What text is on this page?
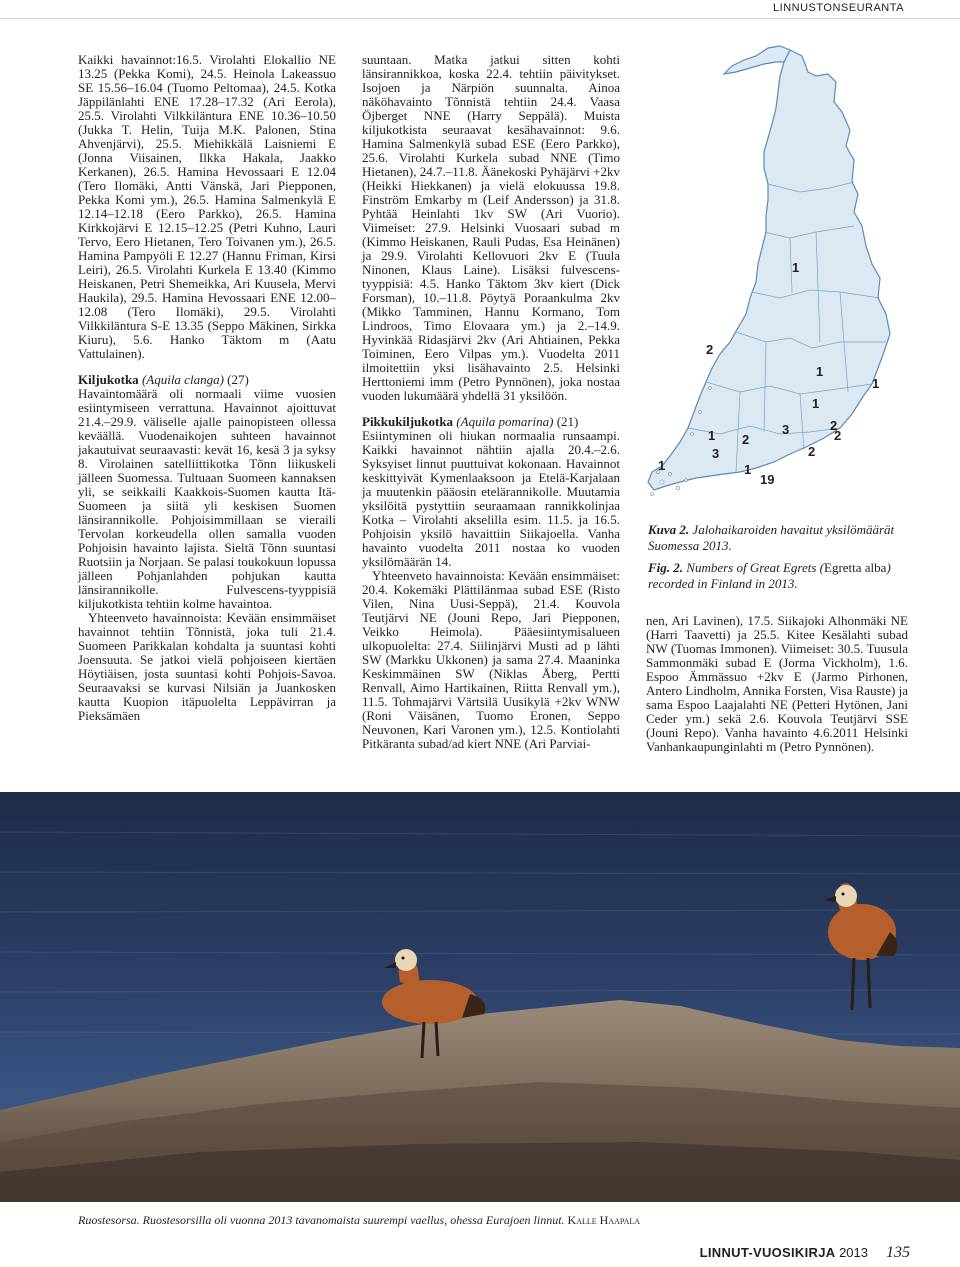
LINNUSTONSEURANTA

Kaikki havainnot:16.5. Virolahti Elokallio NE 13.25 (Pekka Komi), 24.5. Heinola Lakeassuo SE 15.56–16.04 (Tuomo Peltomaa), 24.5. Kotka Jäppilänlahti ENE 17.28–17.32 (Ari Eerola), 25.5. Virolahti Vilkkiläntura ENE 10.36–10.50 (Jukka T. Helin, Tuija M.K. Palonen, Stina Ahvenjärvi), 25.5. Miehikkälä Laisniemi E (Jonna Viisainen, Ilkka Hakala, Jaakko Kerkanen), 26.5. Hamina Hevossaari E 12.04 (Tero Ilomäki, Antti Vänskä, Jari Piepponen, Pekka Komi ym.), 26.5. Hamina Salmenkylä E 12.14–12.18 (Eero Parkko), 26.5. Hamina Kirkkojärvi E 12.15–12.25 (Petri Kuhno, Lauri Tervo, Eero Hietanen, Tero Toivanen ym.), 26.5. Hamina Pampyöli E 12.27 (Hannu Friman, Kirsi Leiri), 26.5. Virolahti Kurkela E 13.40 (Kimmo Heiskanen, Petri Shemeikka, Ari Kuusela, Mervi Haukila), 29.5. Hamina Hevossaari ENE 12.00–12.08 (Tero Ilomäki), 29.5. Virolahti Vilkkiläntura S-E 13.35 (Seppo Mäkinen, Sirkka Kiuru), 5.6. Hanko Täktom m (Aatu Vattulainen).

Kiljukotka (Aquila clanga) (27)

Havaintomäärä oli normaali viime vuosien esiintymiseen verrattuna. Havainnot ajoittuvat 21.4.–29.9. väliselle ajalle painopisteen ollessa keväällä. Vuodenaikojen suhteen havainnot jakautuivat seuraavasti: kevät 16, kesä 3 ja syksy 8. Virolainen satelliittikotka Tõnn liikuskeli jälleen Suomessa. Tultuaan Suomeen kannaksen yli, se seikkaili Kaakkois-Suomen kautta Itä-Suomeen ja siitä yli keskisen Suomen länsirannikolle. Pohjoisimmillaan se vieraili Tervolan korkeudella ollen samalla vuoden Pohjoisin havainto lajista. Sieltä Tõnn suuntasi Ruotsiin ja Norjaan. Se palasi toukokuun lopussa jälleen Pohjanlahden pohjukan kautta länsirannikolle. Fulvescens-tyyppisiä kiljukotkista tehtiin kolme havaintoa.

Yhteenveto havainnoista: Kevään ensimmäiset havainnot tehtiin Tõnnistä, joka tuli 21.4. Suomeen Parikkalan kohdalta ja suuntasi kohti Joensuuta. Se jatkoi vielä pohjoiseen kiertäen Höytiäisen, josta suuntasi kohti Pohjois-Savoa. Seuraavaksi se kurvasi Nilsiän ja Juankosken kautta Kuopion itäpuolelta Leppävirran ja Pieksämäen

suuntaan. Matka jatkui sitten kohti länsirannikkoa, koska 22.4. tehtiin päivitykset. Isojoen ja Närpiön suunnalta. Ainoa näköhavainto Tõnnistä tehtiin 24.4. Vaasa Öjberget NNE (Harry Seppälä). Muista kiljukotkista seuraavat kesähavainnot: 9.6. Hamina Salmenkylä subad ESE (Eero Parkko), 25.6. Virolahti Kurkela subad NNE (Timo Hietanen), 24.7.–11.8. Äänekoski Pyhäjärvi +2kv (Heikki Hiekkanen) ja vielä elokuussa 19.8. Finström Emkarby m (Leif Andersson) ja 31.8. Pyhtää Heinlahti 1kv SW (Ari Vuorio). Viimeiset: 27.9. Helsinki Vuosaari subad m (Kimmo Heiskanen, Rauli Pudas, Esa Heinänen) ja 29.9. Virolahti Kellovuori 2kv E (Tuula Ninonen, Klaus Laine). Lisäksi fulvescens-tyyppisiä: 4.5. Hanko Täktom 3kv kiert (Dick Forsman), 10.–11.8. Pöytyä Poraankulma 2kv (Mikko Tamminen, Hannu Kormano, Tom Lindroos, Timo Elovaara ym.) ja 2.–14.9. Hyvinkää Ridasjärvi 2kv (Ari Ahtiainen, Pekka Toiminen, Eero Vilpas ym.). Vuodelta 2011 ilmoitettiin yksi lisähavainto 2.5. Helsinki Herttoniemi imm (Petro Pynnönen), joka nostaa vuoden lukumäärä yhdellä 31 yksilöön.

Pikkukiljukotka (Aquila pomarina) (21)

Esiintyminen oli hiukan normaalia runsaampi. Kaikki havainnot nähtiin ajalla 20.4.–2.6. Syksyiset linnut puuttuivat kokonaan. Havainnot keskittyivät Kymenlaaksoon ja Etelä-Karjalaan ja muutenkin pääosin etelärannikolle. Muutamia yksilöitä pystyttiin seuraamaan rannikkolinjaa Kotka – Virolahti akselilla esim. 11.5. ja 16.5. Pohjoisin yksilö havaittiin Siikajoella. Vanha havainto vuodelta 2011 nostaa ko vuoden yksilömäärän 14.

Yhteenveto havainnoista: Kevään ensimmäiset: 20.4. Kokemäki Plättilänmaa subad ESE (Risto Vilen, Nina Uusi-Seppä), 21.4. Kouvola Teutjärvi NE (Jouni Repo, Jari Piepponen, Veikko Heimola). Pääesiintymisalueen ulkopuolelta: 27.4. Siilinjärvi Musti ad p lähti SW (Markku Ukkonen) ja sama 27.4. Maaninka Keskimmäinen SW (Niklas Åberg, Pertti Renvall, Aimo Hartikainen, Riitta Renvall ym.), 11.5. Tohmajärvi Värtsilä Uusikylä +2kv WNW (Roni Väisänen, Tuomo Eronen, Seppo Neuvonen, Kari Varonen ym.), 12.5. Kontiolahti Pitkäranta subad/ad kiert NNE (Ari Parviai-

1
2
1
1
1
2
2
1	3	2
1
3	2
1
19
Kuva 2. Jalohaikaroiden havaitut yksilömäärät Suomessa 2013.
Fig. 2. Numbers of Great Egrets (Egretta alba) recorded in Finland in 2013.

nen, Ari Lavinen), 17.5. Siikajoki Alhonmäki NE (Harri Taavetti) ja 25.5. Kitee Kesälahti subad NW (Tuomas Immonen). Viimeiset: 30.5. Tuusula Sammonmäki subad E (Jorma Vickholm), 1.6. Espoo Ämmässuo +2kv E (Jarmo Pirhonen, Antero Lindholm, Annika Forsten, Visa Rauste) ja sama Espoo Laajalahti NE (Petteri Hytönen, Jani Ceder ym.) sekä 2.6. Kouvola Teutjärvi SSE (Jouni Repo). Vanha havainto 4.6.2011 Helsinki Vanhankaupunginlahti m (Petro Pynnönen).

Ruostesorsa. Ruostesorsilla oli vuonna 2013 tavanomaista suurempi vaellus, ohessa Eurajoen linnut. Kalle Haapala
LINNUT-VUOSIKIRJA 2013 135
